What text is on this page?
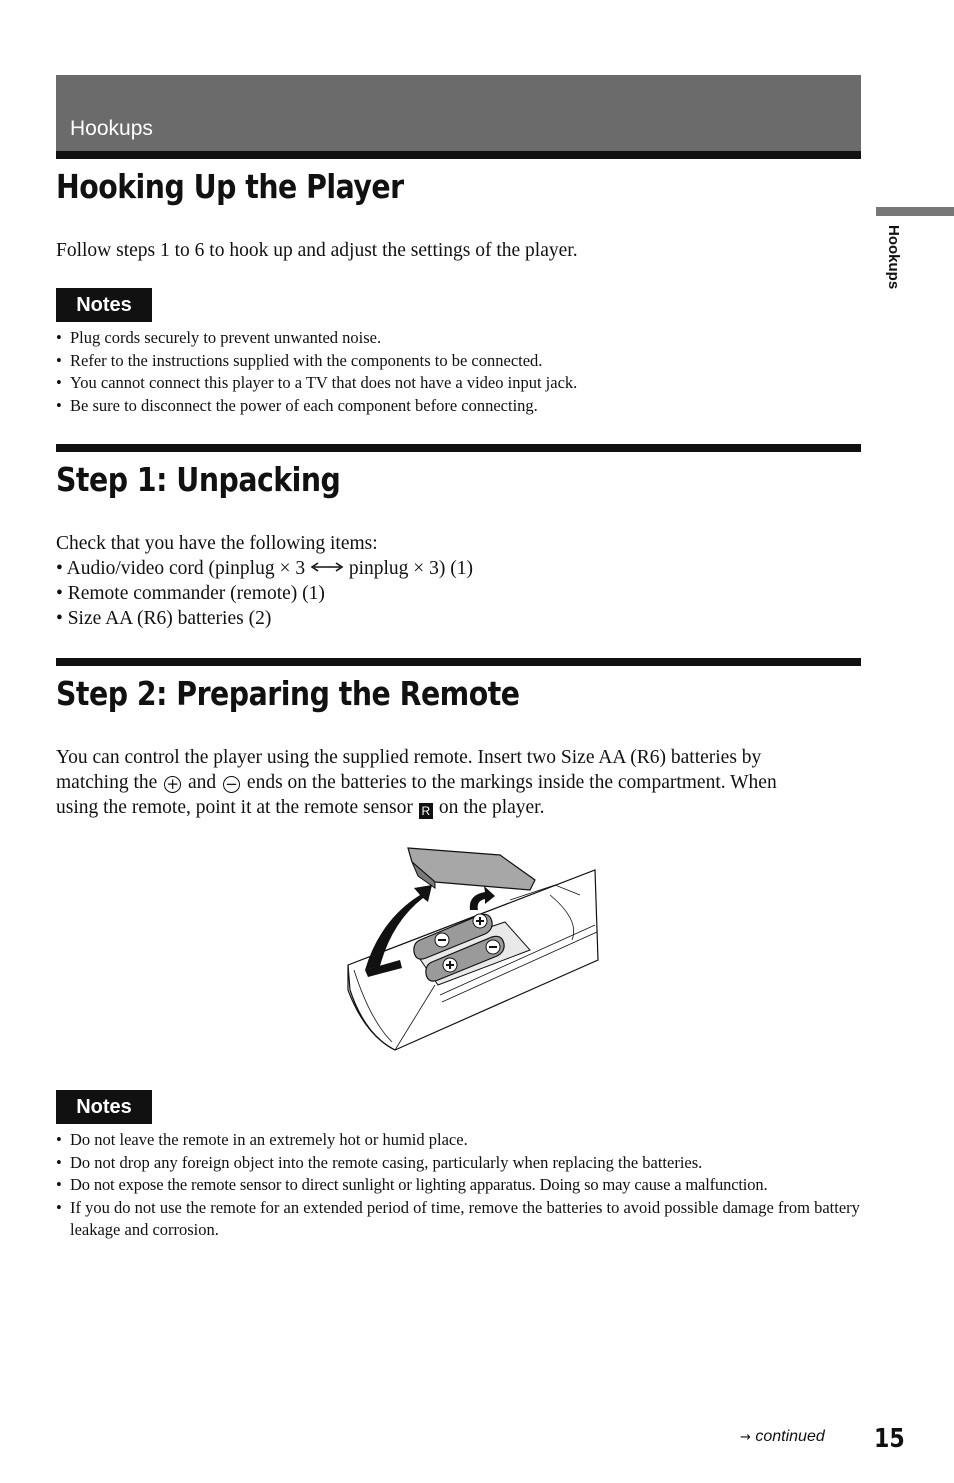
Hookups
Hookups
Hooking Up the Player
Follow steps 1 to 6 to hook up and adjust the settings of the player.
Notes
• Plug cords securely to prevent unwanted noise.
• Refer to the instructions supplied with the components to be connected.
• You cannot connect this player to a TV that does not have a video input jack.
• Be sure to disconnect the power of each component before connecting.
Step 1: Unpacking
Check that you have the following items:
• Audio/video cord (pinplug × 3 pinplug × 3) (1)
• Remote commander (remote) (1)
• Size AA (R6) batteries (2)
Step 2: Preparing the Remote
You can control the player using the supplied remote. Insert two Size AA (R6) batteries by
matching the + and − ends on the batteries to the markings inside the compartment. When
using the remote, point it at the remote sensor R on the player.
Notes
• Do not leave the remote in an extremely hot or humid place.
• Do not drop any foreign object into the remote casing, particularly when replacing the batteries.
• Do not expose the remote sensor to direct sunlight or lighting apparatus. Doing so may cause a malfunction.
• If you do not use the remote for an extended period of time, remove the batteries to avoid possible damage from battery leakage and corrosion.
→ continued 15
